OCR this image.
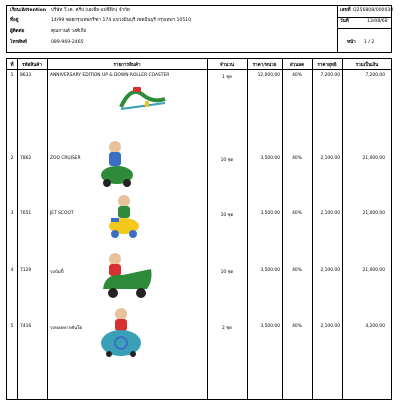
เรียน/Attention บริษัท วี.เค. ครีป (เอเชีย-แปซิฟิก) จำกัด
ที่อยู่	14/99 ซอยกรุงเทพกรีฑา 174 แขวงมีนบุรี เขตมีนบุรี กรุงเทพฯ 10510
ผู้ติดต่อ	คุณกานต์ วงศ์เกีย
โทรศัพท์	089-969-2465
เลขที่ Q256808/000030
วันที่	13/08/68
หน้า 1 / 2
ที่	รหัสสินค้า	รายการสินค้า	จำนวน	ราคา/หน่วย	ส่วนลด	ราคาสุทธิ	รวมเป็นเงิน
1	8633	ANNIVERSARY EDITION UP & DOWN ROLLER COASTER	1 ชุด	12,000.00	40%	7,200.00	7,200.00
2	7862	ZOO CRUISER	10 ชุด	3,500.00	40%	2,100.00	21,000.00
3	7651	JET SCOOT	10 ชุด	3,500.00	40%	2,100.00	21,000.00
4	7129	รถบัมปี้	10 ชุด	3,500.00	40%	2,100.00	21,000.00
5	7416	รถหอยทากคันโต	2 ชุด	3,500.00	40%	2,100.00	4,200.00
